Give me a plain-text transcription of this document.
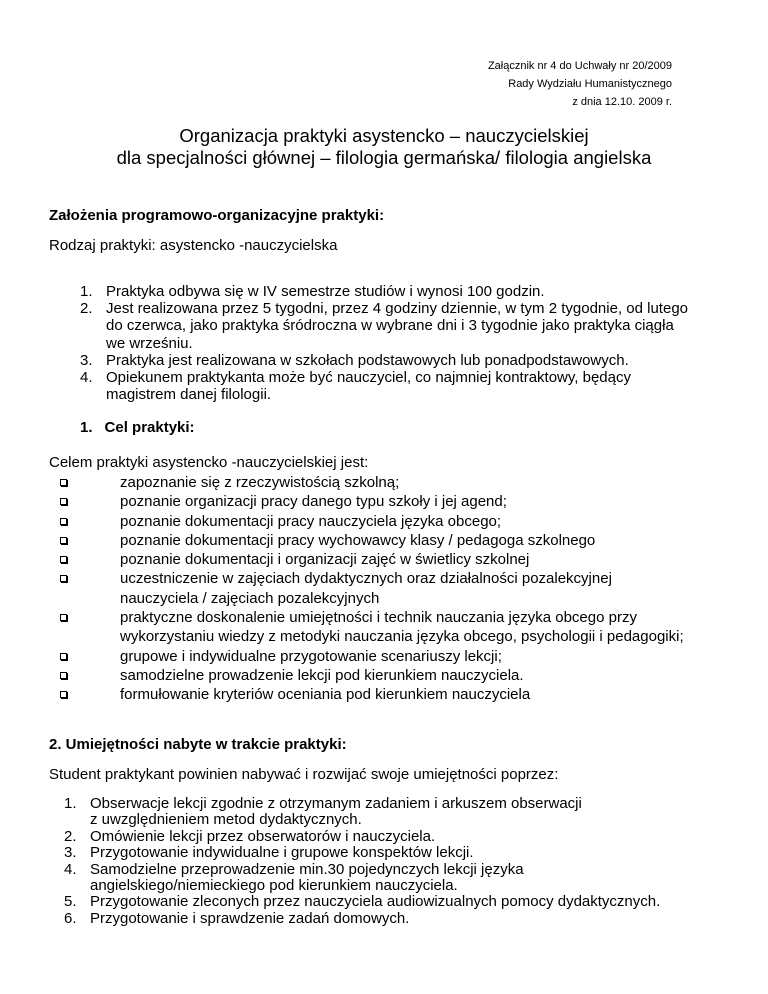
Załącznik nr 4 do Uchwały nr 20/2009
Rady Wydziału Humanistycznego
z dnia 12.10. 2009 r.
Organizacja praktyki asystencko – nauczycielskiej
dla specjalności głównej – filologia germańska/ filologia angielska
Założenia programowo-organizacyjne praktyki:
Rodzaj praktyki: asystencko -nauczycielska
1. Praktyka odbywa się w IV semestrze studiów i wynosi 100 godzin.
2. Jest realizowana przez 5 tygodni, przez 4 godziny dziennie, w tym 2 tygodnie, od lutego
do czerwca, jako praktyka śródroczna w wybrane dni i 3 tygodnie jako praktyka ciągła
we wrześniu.
3. Praktyka jest realizowana w szkołach podstawowych lub ponadpodstawowych.
4. Opiekunem praktykanta może być nauczyciel, co najmniej kontraktowy, będący
magistrem danej filologii.
1. Cel praktyki:
Celem praktyki asystencko -nauczycielskiej jest:
zapoznanie się z rzeczywistością szkolną;
poznanie organizacji pracy danego typu szkoły i jej agend;
poznanie dokumentacji pracy nauczyciela języka obcego;
poznanie dokumentacji pracy wychowawcy klasy / pedagoga szkolnego
poznanie dokumentacji i organizacji zajęć w świetlicy szkolnej
uczestniczenie w zajęciach dydaktycznych oraz działalności pozalekcyjnej
nauczyciela / zajęciach pozalekcyjnych
praktyczne doskonalenie umiejętności i technik nauczania języka obcego przy
wykorzystaniu wiedzy z metodyki nauczania języka obcego, psychologii i pedagogiki;
grupowe i indywidualne przygotowanie scenariuszy lekcji;
samodzielne prowadzenie lekcji pod kierunkiem nauczyciela.
formułowanie kryteriów oceniania pod kierunkiem nauczyciela
2. Umiejętności nabyte w trakcie praktyki:
Student praktykant powinien nabywać i rozwijać swoje umiejętności poprzez:
1. Obserwacje lekcji zgodnie z otrzymanym zadaniem i arkuszem obserwacji
z uwzględnieniem metod dydaktycznych.
2. Omówienie lekcji przez obserwatorów i nauczyciela.
3. Przygotowanie indywidualne i grupowe konspektów lekcji.
4. Samodzielne przeprowadzenie min.30 pojedynczych lekcji języka
angielskiego/niemieckiego pod kierunkiem nauczyciela.
5. Przygotowanie zleconych przez nauczyciela audiowizualnych pomocy dydaktycznych.
6. Przygotowanie i sprawdzenie zadań domowych.
